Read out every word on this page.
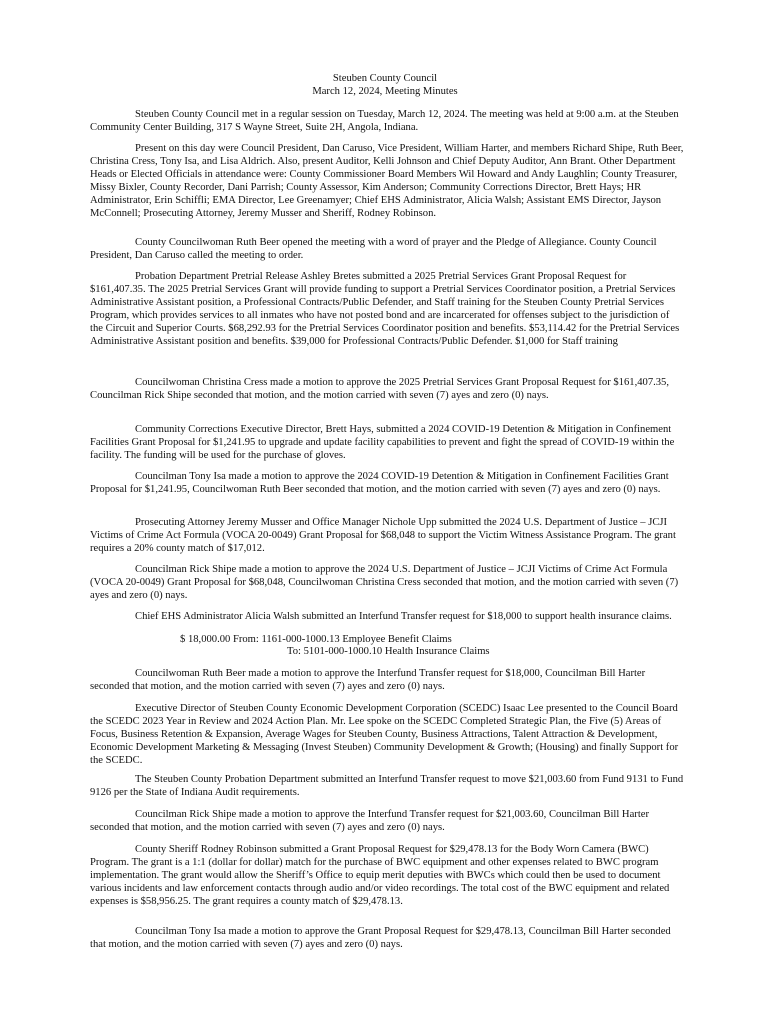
Steuben County Council
March 12, 2024, Meeting Minutes

Steuben County Council met in a regular session on Tuesday, March 12, 2024. The meeting was held at 9:00 a.m. at the Steuben Community Center Building, 317 S Wayne Street, Suite 2H, Angola, Indiana.

Present on this day were Council President, Dan Caruso, Vice President, William Harter, and members Richard Shipe, Ruth Beer, Christina Cress, Tony Isa, and Lisa Aldrich. Also, present Auditor, Kelli Johnson and Chief Deputy Auditor, Ann Brant. Other Department Heads or Elected Officials in attendance were: County Commissioner Board Members Wil Howard and Andy Laughlin; County Treasurer, Missy Bixler, County Recorder, Dani Parrish; County Assessor, Kim Anderson; Community Corrections Director, Brett Hays; HR Administrator, Erin Schiffli; EMA Director, Lee Greenamyer; Chief EHS Administrator, Alicia Walsh; Assistant EMS Director, Jayson McConnell; Prosecuting Attorney, Jeremy Musser and Sheriff, Rodney Robinson.

County Councilwoman Ruth Beer opened the meeting with a word of prayer and the Pledge of Allegiance. County Council President, Dan Caruso called the meeting to order.

Probation Department Pretrial Release Ashley Bretes submitted a 2025 Pretrial Services Grant Proposal Request for $161,407.35. The 2025 Pretrial Services Grant will provide funding to support a Pretrial Services Coordinator position, a Pretrial Services Administrative Assistant position, a Professional Contracts/Public Defender, and Staff training for the Steuben County Pretrial Services Program, which provides services to all inmates who have not posted bond and are incarcerated for offenses subject to the jurisdiction of the Circuit and Superior Courts. $68,292.93 for the Pretrial Services Coordinator position and benefits. $53,114.42 for the Pretrial Services Administrative Assistant position and benefits. $39,000 for Professional Contracts/Public Defender. $1,000 for Staff training

Councilwoman Christina Cress made a motion to approve the 2025 Pretrial Services Grant Proposal Request for $161,407.35, Councilman Rick Shipe seconded that motion, and the motion carried with seven (7) ayes and zero (0) nays.

Community Corrections Executive Director, Brett Hays, submitted a 2024 COVID-19 Detention & Mitigation in Confinement Facilities Grant Proposal for $1,241.95 to upgrade and update facility capabilities to prevent and fight the spread of COVID-19 within the facility. The funding will be used for the purchase of gloves.

Councilman Tony Isa made a motion to approve the 2024 COVID-19 Detention & Mitigation in Confinement Facilities Grant Proposal for $1,241.95, Councilwoman Ruth Beer seconded that motion, and the motion carried with seven (7) ayes and zero (0) nays.

Prosecuting Attorney Jeremy Musser and Office Manager Nichole Upp submitted the 2024 U.S. Department of Justice – JCJI Victims of Crime Act Formula (VOCA 20-0049) Grant Proposal for $68,048 to support the Victim Witness Assistance Program. The grant requires a 20% county match of $17,012.

Councilman Rick Shipe made a motion to approve the 2024 U.S. Department of Justice – JCJI Victims of Crime Act Formula (VOCA 20-0049) Grant Proposal for $68,048, Councilwoman Christina Cress seconded that motion, and the motion carried with seven (7) ayes and zero (0) nays.

Chief EHS Administrator Alicia Walsh submitted an Interfund Transfer request for $18,000 to support health insurance claims.

$ 18,000.00 From: 1161-000-1000.13 Employee Benefit Claims
To: 5101-000-1000.10 Health Insurance Claims

Councilwoman Ruth Beer made a motion to approve the Interfund Transfer request for $18,000, Councilman Bill Harter seconded that motion, and the motion carried with seven (7) ayes and zero (0) nays.

Executive Director of Steuben County Economic Development Corporation (SCEDC) Isaac Lee presented to the Council Board the SCEDC 2023 Year in Review and 2024 Action Plan. Mr. Lee spoke on the SCEDC Completed Strategic Plan, the Five (5) Areas of Focus, Business Retention & Expansion, Average Wages for Steuben County, Business Attractions, Talent Attraction & Development, Economic Development Marketing & Messaging (Invest Steuben) Community Development & Growth; (Housing) and finally Support for the SCEDC.

The Steuben County Probation Department submitted an Interfund Transfer request to move $21,003.60 from Fund 9131 to Fund 9126 per the State of Indiana Audit requirements.

Councilman Rick Shipe made a motion to approve the Interfund Transfer request for $21,003.60, Councilman Bill Harter seconded that motion, and the motion carried with seven (7) ayes and zero (0) nays.

County Sheriff Rodney Robinson submitted a Grant Proposal Request for $29,478.13 for the Body Worn Camera (BWC) Program. The grant is a 1:1 (dollar for dollar) match for the purchase of BWC equipment and other expenses related to BWC program implementation. The grant would allow the Sheriff’s Office to equip merit deputies with BWCs which could then be used to document various incidents and law enforcement contacts through audio and/or video recordings. The total cost of the BWC equipment and related expenses is $58,956.25. The grant requires a county match of $29,478.13.

Councilman Tony Isa made a motion to approve the Grant Proposal Request for $29,478.13, Councilman Bill Harter seconded that motion, and the motion carried with seven (7) ayes and zero (0) nays.
